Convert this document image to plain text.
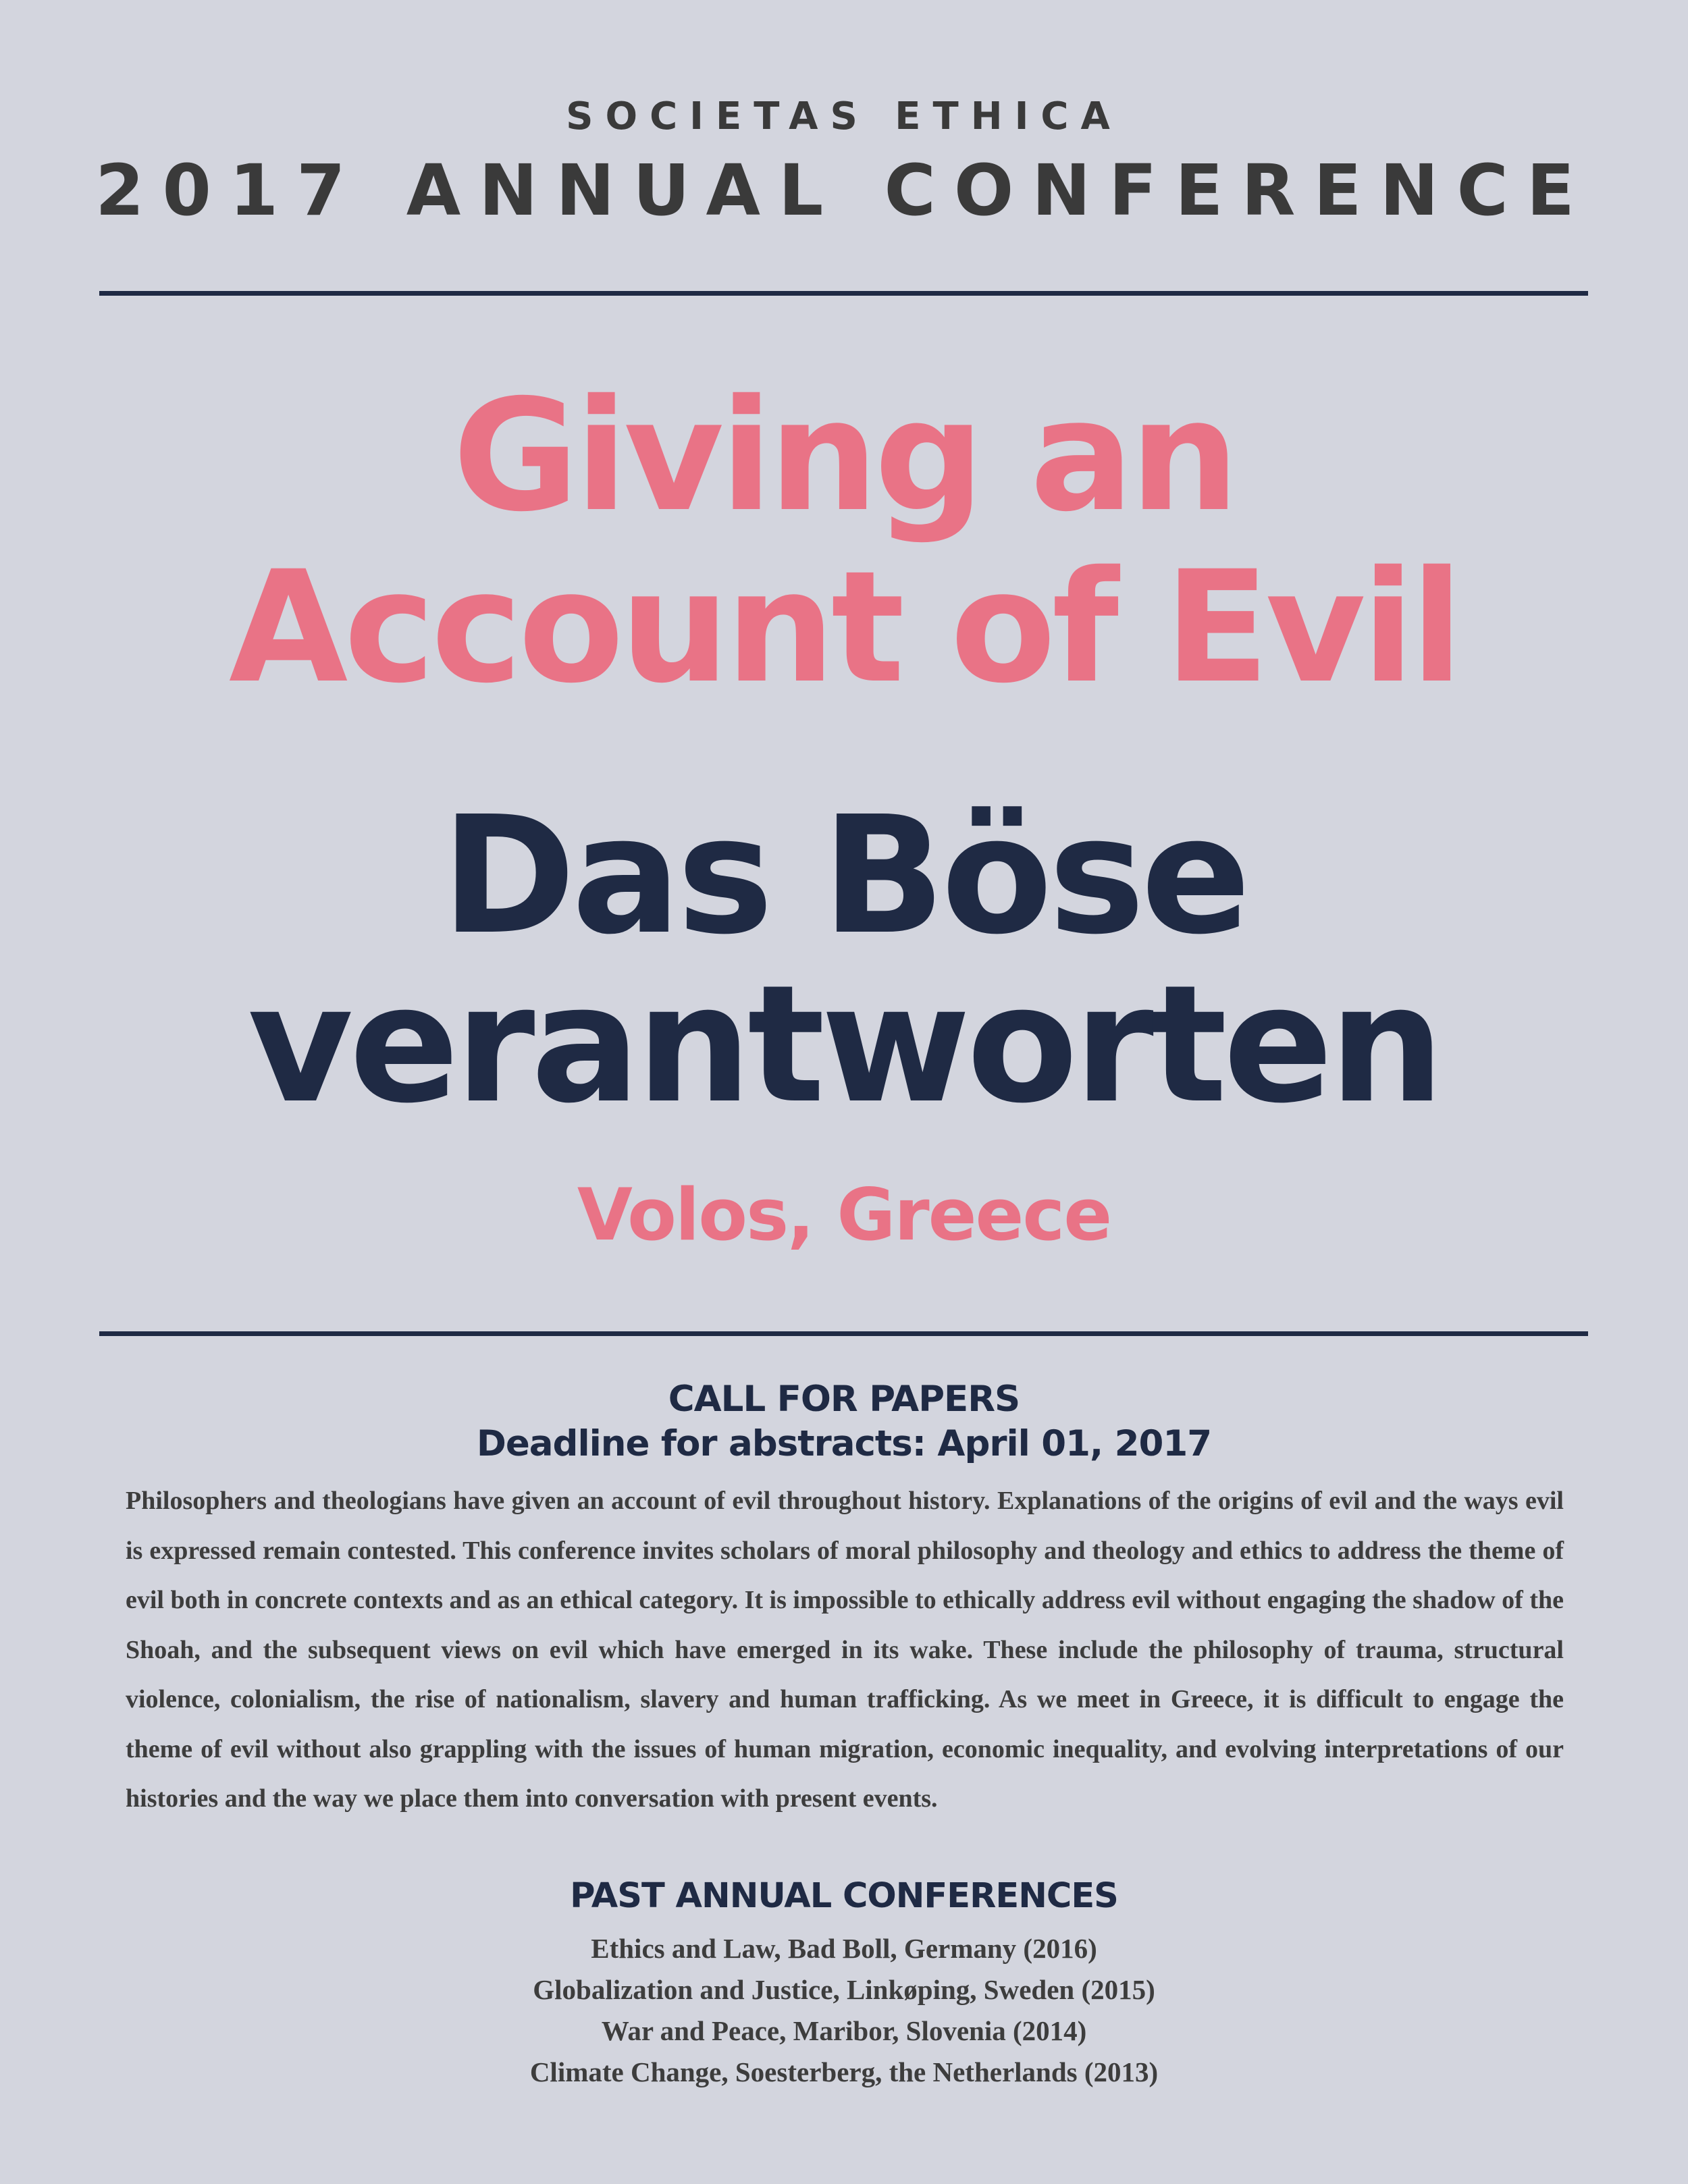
SOCIETAS ETHICA
2017 ANNUAL CONFERENCE
Giving an
Account of Evil
Das Böse
verantworten
Volos, Greece
CALL FOR PAPERS
Deadline for abstracts: April 01, 2017

Philosophers and theologians have given an account of evil throughout history. Explanations of the origins of evil and the ways evil is expressed remain contested. This conference invites scholars of moral philosophy and theology and ethics to address the theme of evil both in concrete contexts and as an ethical category. It is impossible to ethically address evil without engaging the shadow of the Shoah, and the subsequent views on evil which have emerged in its wake. These include the philosophy of trauma, structural violence, colonialism, the rise of nationalism, slavery and human trafficking. As we meet in Greece, it is difficult to engage the theme of evil without also grappling with the issues of human migration, economic inequality, and evolving interpretations of our histories and the way we place them into conversation with present events.

PAST ANNUAL CONFERENCES
Ethics and Law, Bad Boll, Germany (2016)
Globalization and Justice, Linkøping, Sweden (2015)
War and Peace, Maribor, Slovenia (2014)
Climate Change, Soesterberg, the Netherlands (2013)
